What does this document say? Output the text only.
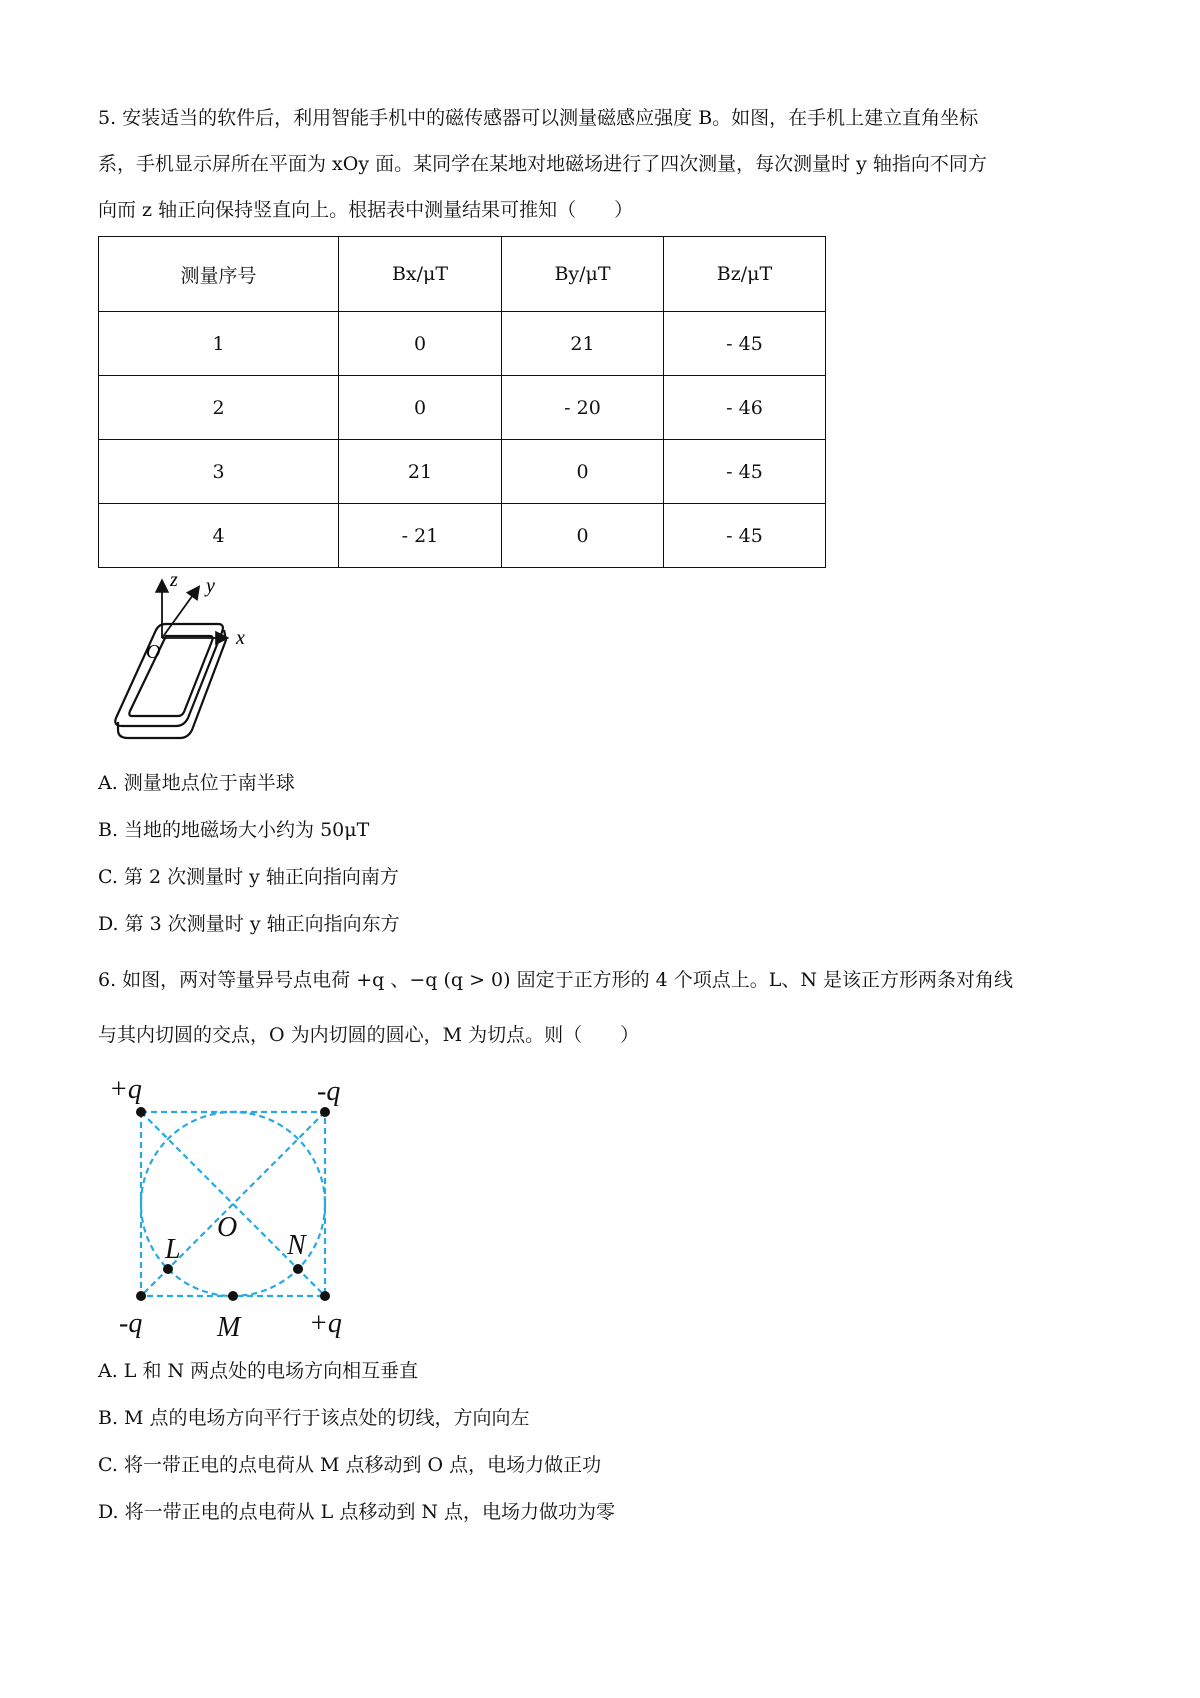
5. 安装适当的软件后，利用智能手机中的磁传感器可以测量磁感应强度 B。如图，在手机上建立直角坐标
系，手机显示屏所在平面为 xOy 面。某同学在某地对地磁场进行了四次测量，每次测量时 y 轴指向不同方
向而 z 轴正向保持竖直向上。根据表中测量结果可推知（　　）
测量序号	Bx/μT	By/μT	Bz/μT
1	0	21	- 45
2	0	- 20	- 46
3	21	0	- 45
4	- 21	0	- 45
z y
x
O
A. 测量地点位于南半球
B. 当地的地磁场大小约为 50μT
C. 第 2 次测量时 y 轴正向指向南方
D. 第 3 次测量时 y 轴正向指向东方
6. 如图，两对等量异号点电荷 +q 、−q (q > 0) 固定于正方形的 4 个项点上。L、N 是该正方形两条对角线
与其内切圆的交点，O 为内切圆的圆心，M 为切点。则（　　）
+q	-q
-q	+q
L	N
O
M
A. L 和 N 两点处的电场方向相互垂直
B. M 点的电场方向平行于该点处的切线，方向向左
C. 将一带正电的点电荷从 M 点移动到 O 点，电场力做正功
D. 将一带正电的点电荷从 L 点移动到 N 点，电场力做功为零
